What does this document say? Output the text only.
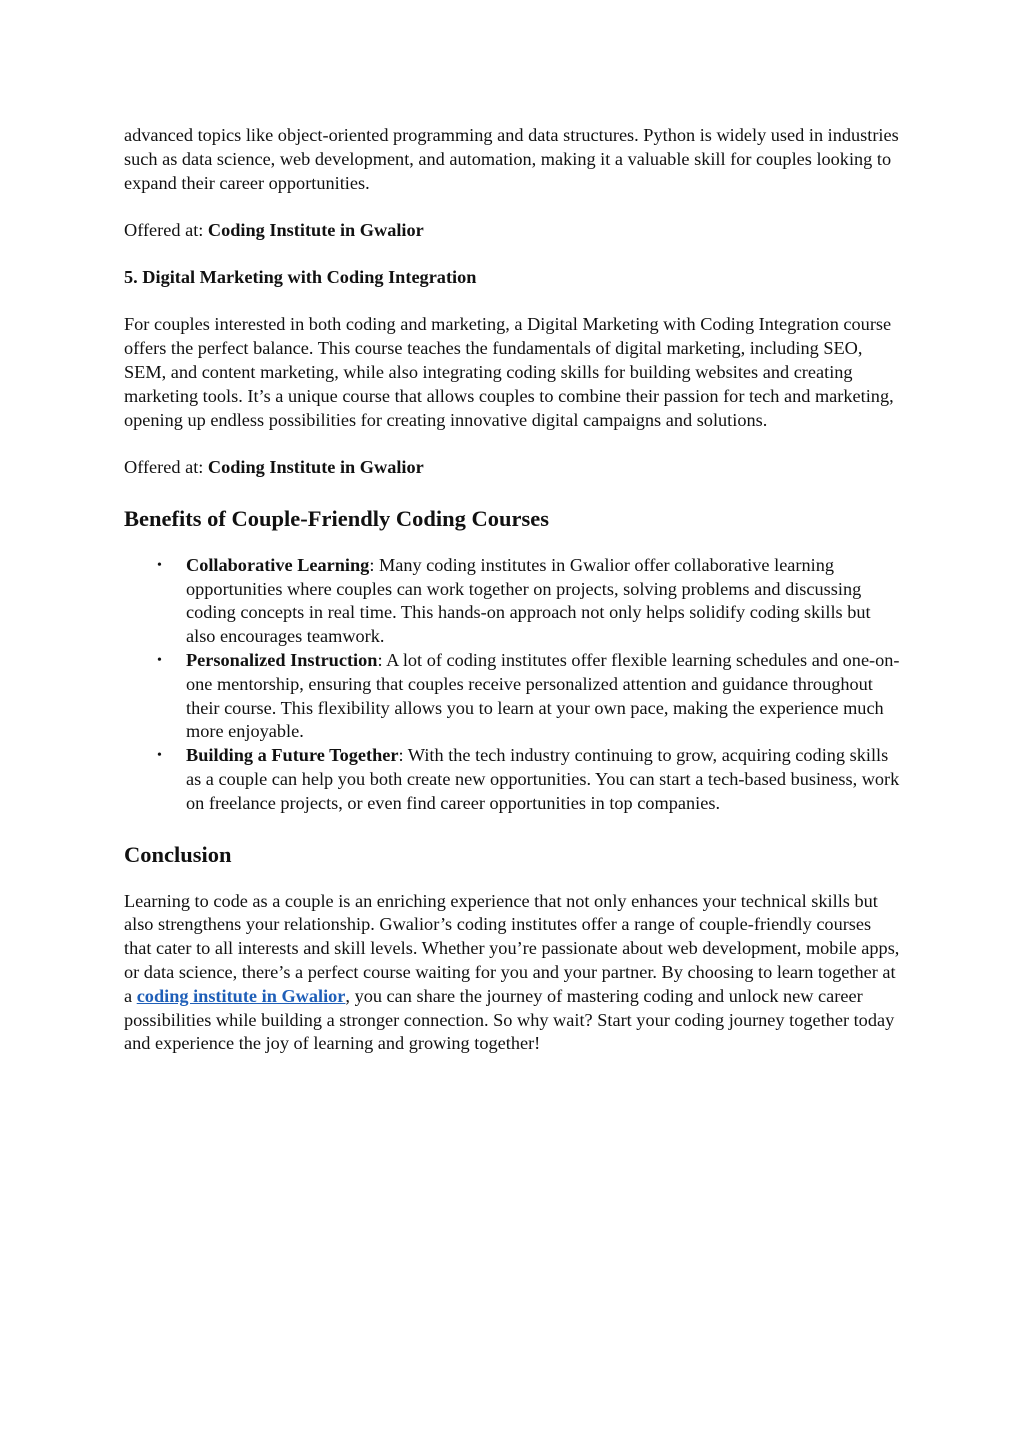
advanced topics like object-oriented programming and data structures. Python is widely used in industries such as data science, web development, and automation, making it a valuable skill for couples looking to expand their career opportunities.

Offered at: Coding Institute in Gwalior

5. Digital Marketing with Coding Integration

For couples interested in both coding and marketing, a Digital Marketing with Coding Integration course offers the perfect balance. This course teaches the fundamentals of digital marketing, including SEO, SEM, and content marketing, while also integrating coding skills for building websites and creating marketing tools. It’s a unique course that allows couples to combine their passion for tech and marketing, opening up endless possibilities for creating innovative digital campaigns and solutions.

Offered at: Coding Institute in Gwalior

Benefits of Couple-Friendly Coding Courses

• Collaborative Learning: Many coding institutes in Gwalior offer collaborative learning opportunities where couples can work together on projects, solving problems and discussing coding concepts in real time. This hands-on approach not only helps solidify coding skills but also encourages teamwork.
• Personalized Instruction: A lot of coding institutes offer flexible learning schedules and one-on-one mentorship, ensuring that couples receive personalized attention and guidance throughout their course. This flexibility allows you to learn at your own pace, making the experience much more enjoyable.
• Building a Future Together: With the tech industry continuing to grow, acquiring coding skills as a couple can help you both create new opportunities. You can start a tech-based business, work on freelance projects, or even find career opportunities in top companies.

Conclusion

Learning to code as a couple is an enriching experience that not only enhances your technical skills but also strengthens your relationship. Gwalior’s coding institutes offer a range of couple-friendly courses that cater to all interests and skill levels. Whether you’re passionate about web development, mobile apps, or data science, there’s a perfect course waiting for you and your partner. By choosing to learn together at a coding institute in Gwalior, you can share the journey of mastering coding and unlock new career possibilities while building a stronger connection. So why wait? Start your coding journey together today and experience the joy of learning and growing together!
